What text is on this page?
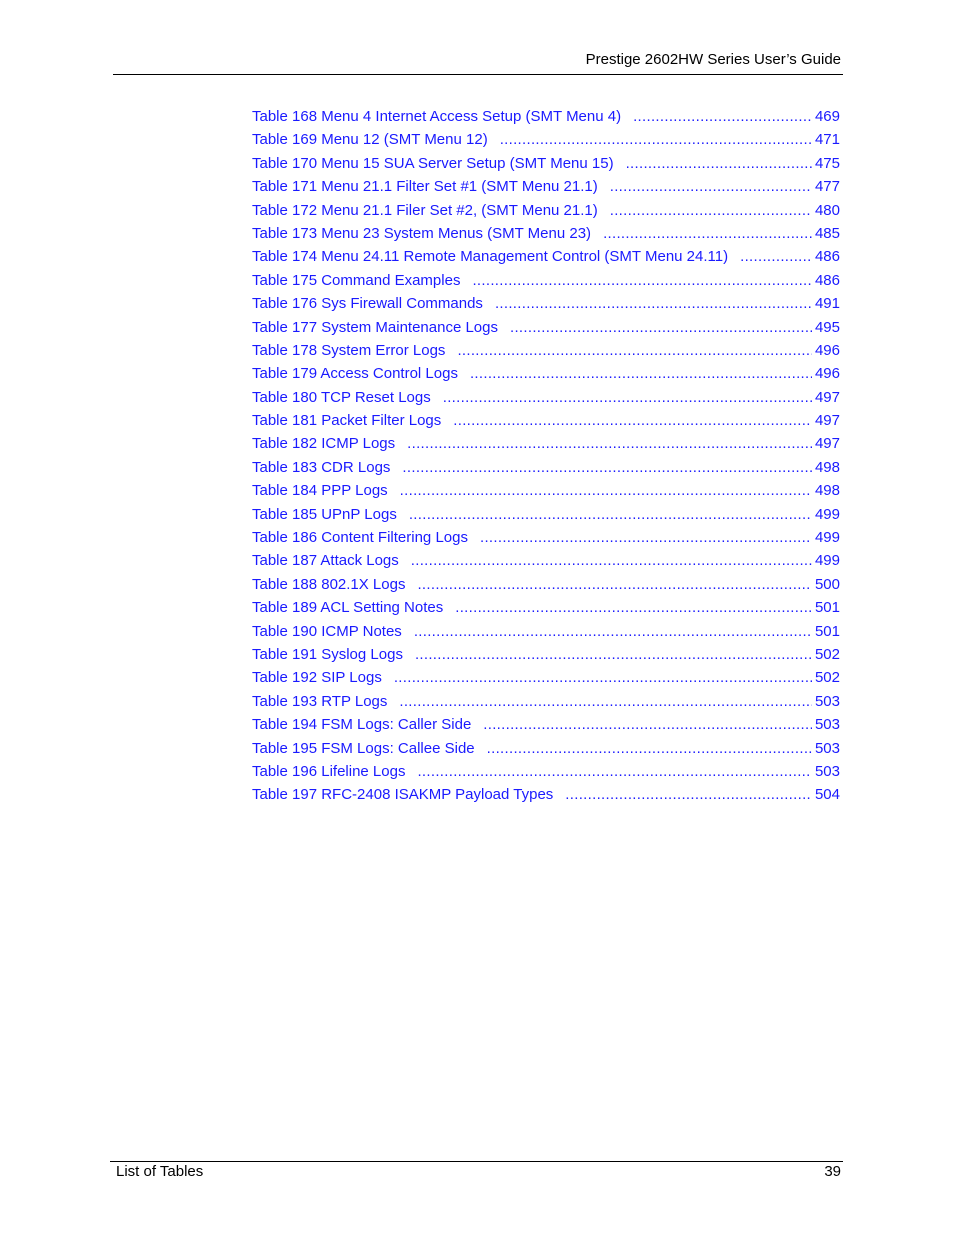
Prestige 2602HW Series User’s Guide
Table 168 Menu 4 Internet Access Setup (SMT Menu 4) .....	469
Table 169 Menu 12 (SMT Menu 12) .....	471
Table 170 Menu 15 SUA Server Setup (SMT Menu 15) .....	475
Table 171 Menu 21.1 Filter Set #1 (SMT Menu 21.1) .....	477
Table 172 Menu 21.1 Filer Set #2, (SMT Menu 21.1) .....	480
Table 173 Menu 23 System Menus (SMT Menu 23) .....	485
Table 174 Menu 24.11 Remote Management Control (SMT Menu 24.11) .....	486
Table 175 Command Examples .....	486
Table 176 Sys Firewall Commands .....	491
Table 177 System Maintenance Logs .....	495
Table 178 System Error Logs .....	496
Table 179 Access Control Logs .....	496
Table 180 TCP Reset Logs .....	497
Table 181 Packet Filter Logs .....	497
Table 182 ICMP Logs .....	497
Table 183 CDR Logs .....	498
Table 184 PPP Logs .....	498
Table 185 UPnP Logs .....	499
Table 186 Content Filtering Logs .....	499
Table 187 Attack Logs .....	499
Table 188 802.1X Logs .....	500
Table 189 ACL Setting Notes .....	501
Table 190 ICMP Notes .....	501
Table 191 Syslog Logs .....	502
Table 192 SIP Logs .....	502
Table 193 RTP Logs .....	503
Table 194 FSM Logs: Caller Side .....	503
Table 195 FSM Logs: Callee Side .....	503
Table 196 Lifeline Logs .....	503
Table 197 RFC-2408 ISAKMP Payload Types .....	504
List of Tables	39
